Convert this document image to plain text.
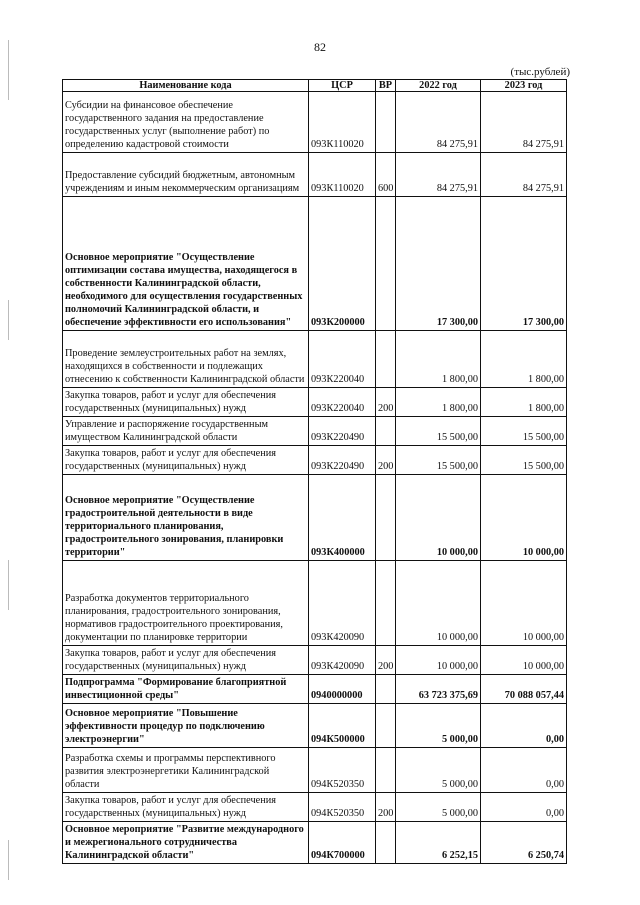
82
(тыс.рублей)
Наименование кода	ЦСР	ВР	2022 год	2023 год
Субсидии на финансовое обеспечение государственного задания на предоставление государственных услуг (выполнение работ) по определению кадастровой стоимости	093К110020		84 275,91	84 275,91
Предоставление субсидий бюджетным, автономным учреждениям и иным некоммерческим организациям	093К110020	600	84 275,91	84 275,91
Основное мероприятие "Осуществление оптимизации состава имущества, находящегося в собственности Калининградской области, необходимого для осуществления государственных полномочий Калининградской области, и обеспечение эффективности его использования"	093К200000		17 300,00	17 300,00
Проведение землеустроительных работ на землях, находящихся в собственности и подлежащих отнесению к собственности Калининградской области	093К220040		1 800,00	1 800,00
Закупка товаров, работ и услуг для обеспечения государственных (муниципальных) нужд	093К220040	200	1 800,00	1 800,00
Управление и распоряжение государственным имуществом Калининградской области	093К220490		15 500,00	15 500,00
Закупка товаров, работ и услуг для обеспечения государственных (муниципальных) нужд	093К220490	200	15 500,00	15 500,00
Основное мероприятие "Осуществление градостроительной деятельности в виде территориального планирования, градостроительного зонирования, планировки территории"	093К400000		10 000,00	10 000,00
Разработка документов территориального планирования, градостроительного зонирования, нормативов градостроительного проектирования, документации по планировке территории	093К420090		10 000,00	10 000,00
Закупка товаров, работ и услуг для обеспечения государственных (муниципальных) нужд	093К420090	200	10 000,00	10 000,00
Подпрограмма "Формирование благоприятной инвестиционной среды"	0940000000		63 723 375,69	70 088 057,44
Основное мероприятие "Повышение эффективности процедур по подключению электроэнергии"	094К500000		5 000,00	0,00
Разработка схемы и программы перспективного развития электроэнергетики Калининградской области	094К520350		5 000,00	0,00
Закупка товаров, работ и услуг для обеспечения государственных (муниципальных) нужд	094К520350	200	5 000,00	0,00
Основное мероприятие "Развитие международного и межрегионального сотрудничества Калининградской области"	094К700000		6 252,15	6 250,74
